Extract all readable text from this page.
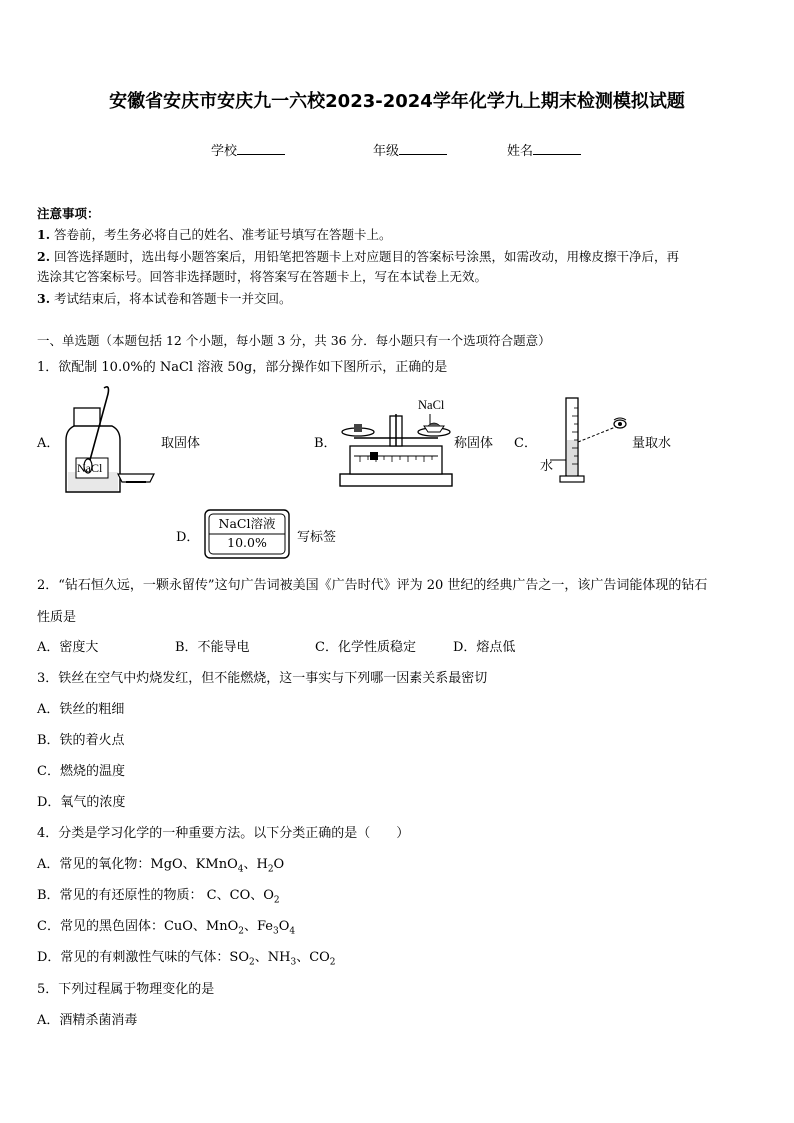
安徽省安庆市安庆九一六校2023-2024学年化学九上期末检测模拟试题
学校	年级	姓名
注意事项：
1. 答卷前，考生务必将自己的姓名、准考证号填写在答题卡上。
2. 回答选择题时，选出每小题答案后，用铅笔把答题卡上对应题目的答案标号涂黑，如需改动，用橡皮擦干净后，再
选涂其它答案标号。回答非选择题时，将答案写在答题卡上，写在本试卷上无效。
3. 考试结束后，将本试卷和答题卡一并交回。
一、单选题（本题包括 12 个小题，每小题 3 分，共 36 分．每小题只有一个选项符合题意）
1．欲配制 10.0%的 NaCl 溶液 50g，部分操作如下图所示，正确的是
A．
NaCl
取固体	B．
NaCl
称固体 C．
水
量取水
D．
NaCl溶液
10.0%	写标签
2．“钻石恒久远，一颗永留传”这句广告词被美国《广告时代》评为 20 世纪的经典广告之一，该广告词能体现的钻石
性质是
A．密度大	B．不能导电	C．化学性质稳定	D．熔点低
3．铁丝在空气中灼烧发红，但不能燃烧，这一事实与下列哪一因素关系最密切
A．铁丝的粗细
B．铁的着火点
C．燃烧的温度
D．氧气的浓度
4．分类是学习化学的一种重要方法。以下分类正确的是（　　）
A．常见的氧化物：MgO、KMnO$_4$、$H_2O$
B．常见的有还原性的物质： C、CO、$O_2$
C．常见的黑色固体：CuO、MnO$_2$、$Fe_3O_4$
D．常见的有刺激性气味的气体：$SO_2$、$NH_3$、$CO_2$
5．下列过程属于物理变化的是
A．酒精杀菌消毒
